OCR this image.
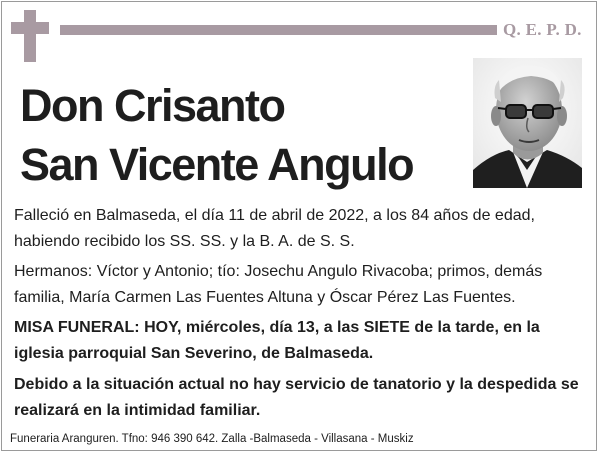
Q. E. P. D.
Don Crisanto
San Vicente Angulo
Falleció en Balmaseda, el día 11 de abril de 2022, a los 84 años de edad, habiendo recibido los SS. SS. y la B. A. de S. S.
Hermanos: Víctor y Antonio; tío: Josechu Angulo Rivacoba; primos, demás familia, María Carmen Las Fuentes Altuna y Óscar Pérez Las Fuentes.
MISA FUNERAL: HOY, miércoles, día 13, a las SIETE de la tarde, en la iglesia parroquial San Severino, de Balmaseda.
Debido a la situación actual no hay servicio de tanatorio y la despedida se realizará en la intimidad familiar.
Funeraria Aranguren. Tfno: 946 390 642. Zalla -Balmaseda - Villasana - Muskiz
